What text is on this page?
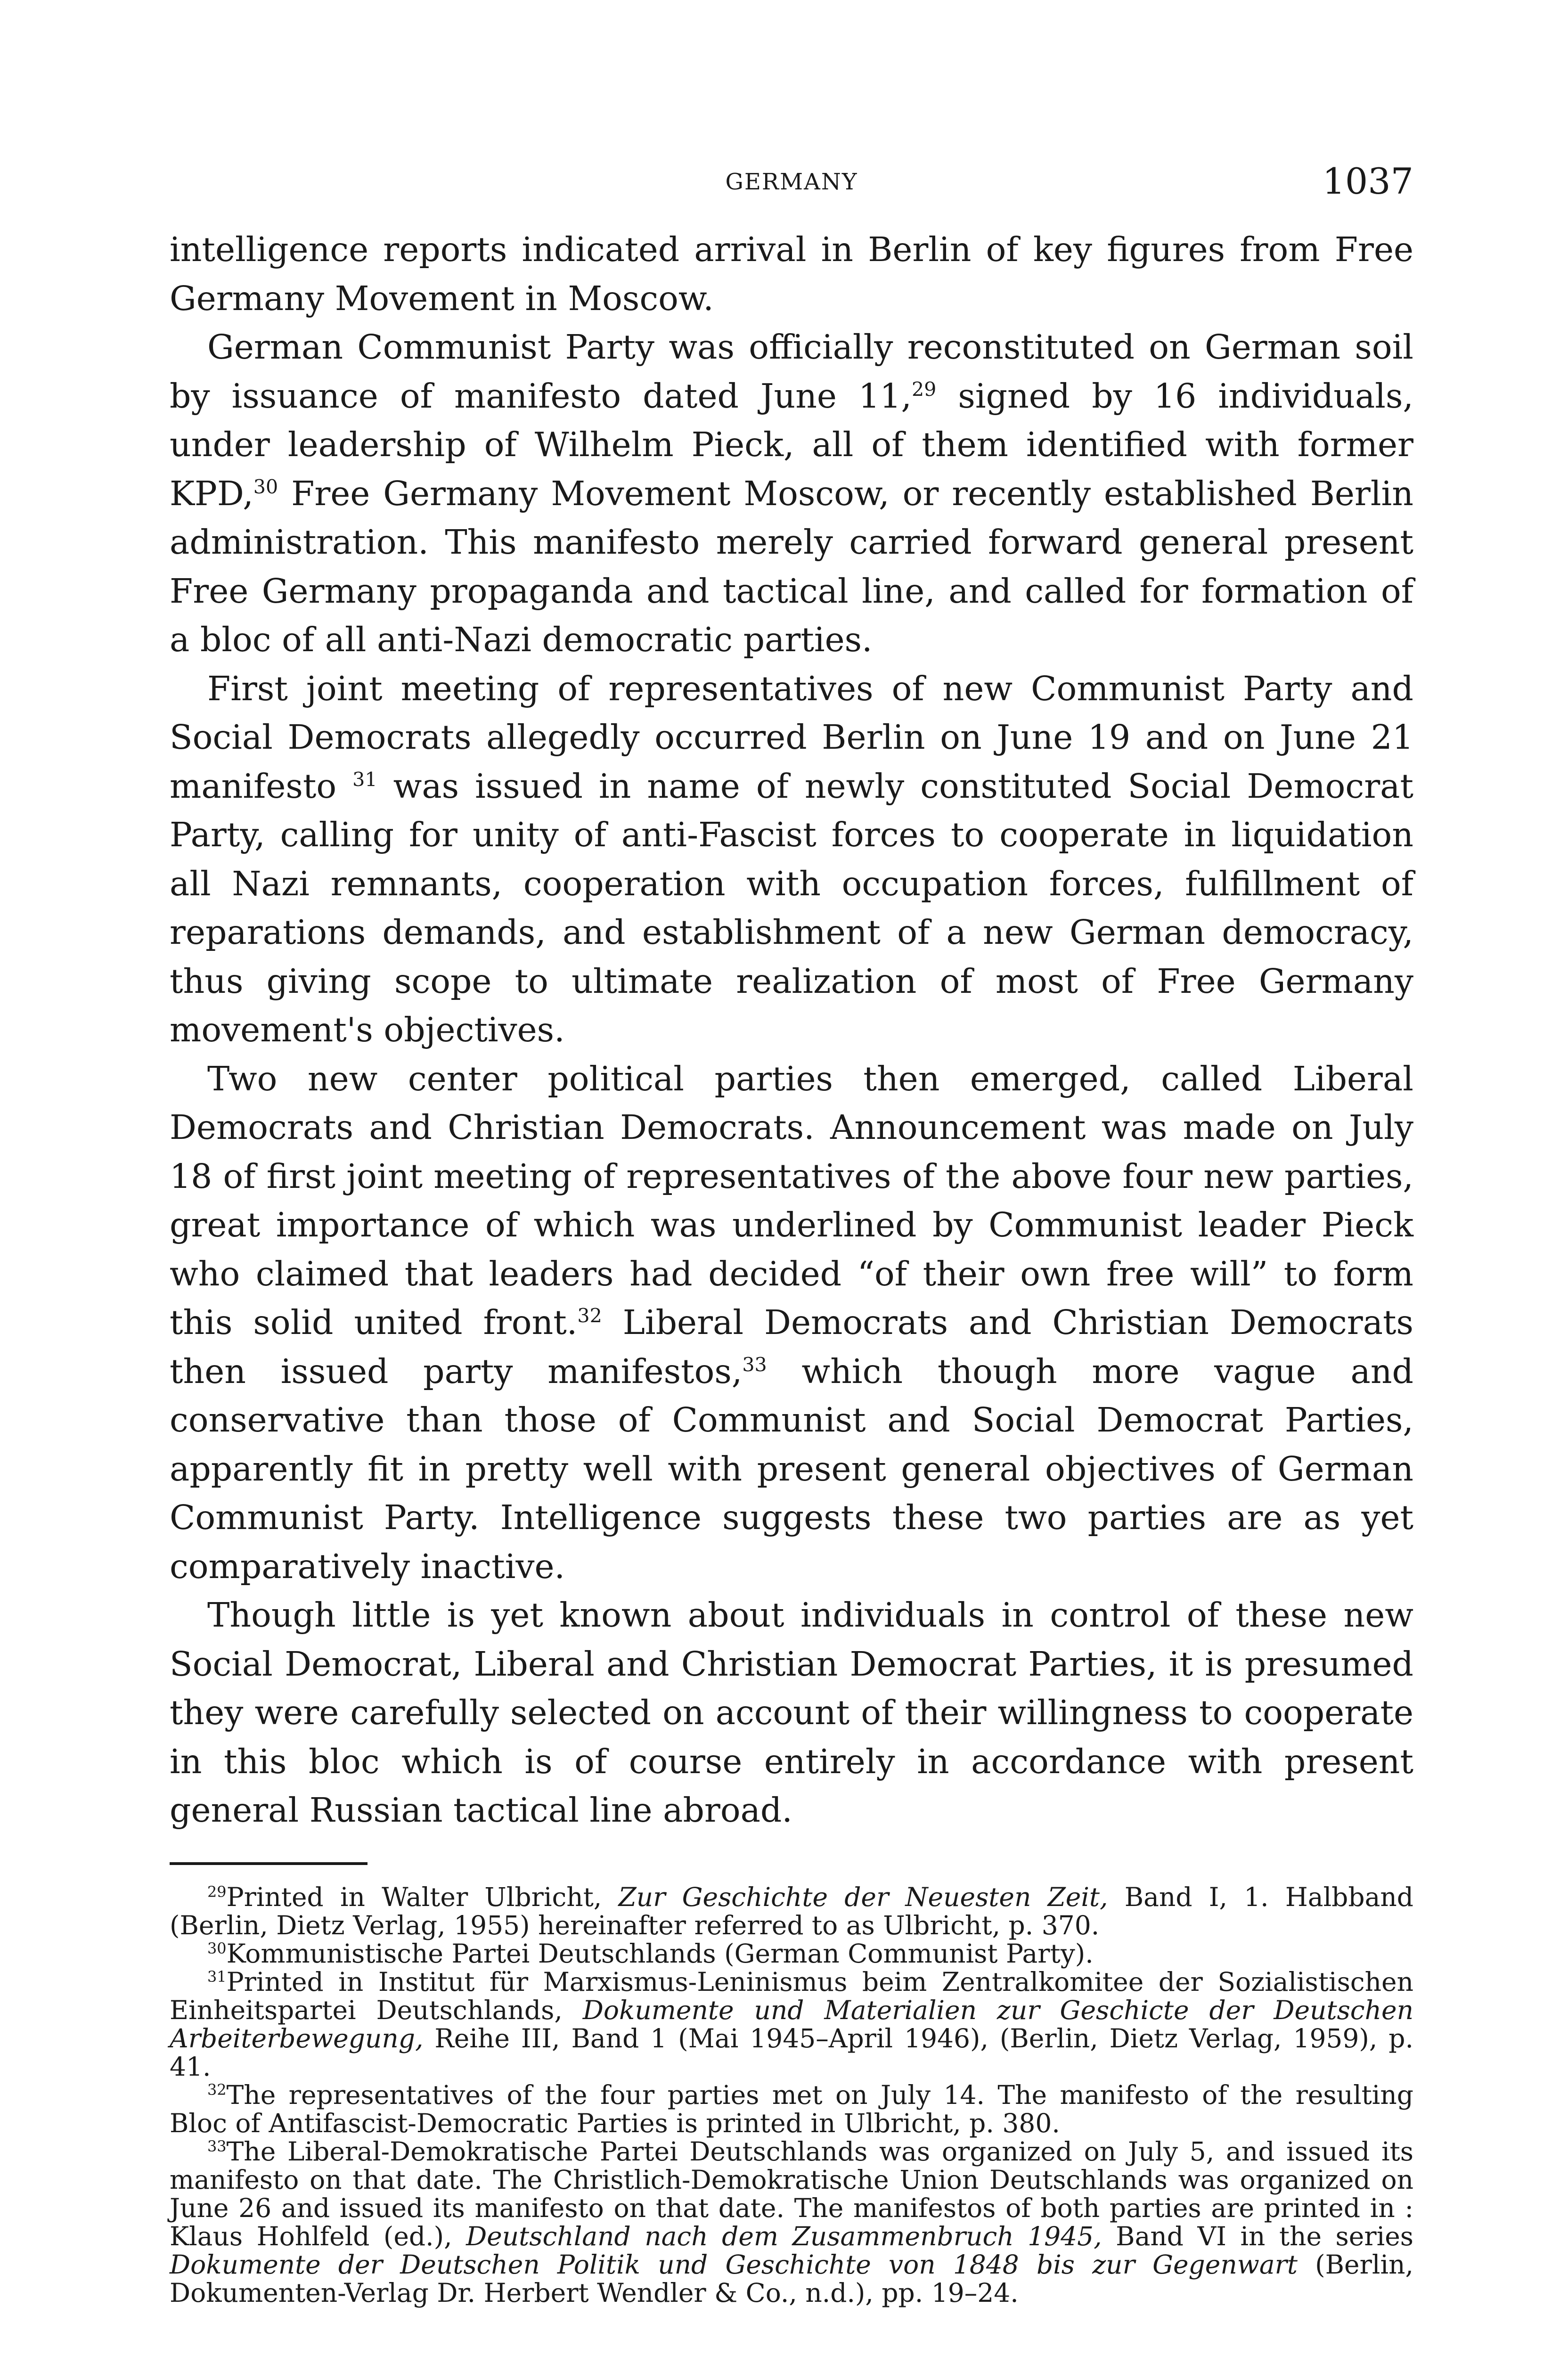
GERMANY	1037

intelligence reports indicated arrival in Berlin of key figures from Free Germany Movement in Moscow.

German Communist Party was officially reconstituted on German soil by issuance of manifesto dated June 11,29 signed by 16 individuals, under leadership of Wilhelm Pieck, all of them identified with former KPD,$^{30}$ Free Germany Movement Moscow, or recently established Berlin administration. This manifesto merely carried forward general present Free Germany propaganda and tactical line, and called for formation of a bloc of all anti-Nazi democratic parties.

First joint meeting of representatives of new Communist Party and Social Democrats allegedly occurred Berlin on June 19 and on June 21 manifesto $^{31}$ was issued in name of newly constituted Social Democrat Party, calling for unity of anti-Fascist forces to cooperate in liquidation all Nazi remnants, cooperation with occupation forces, fulfillment of reparations demands, and establishment of a new German democracy, thus giving scope to ultimate realization of most of Free Germany movement's objectives.

Two new center political parties then emerged, called Liberal Democrats and Christian Democrats. Announcement was made on July 18 of first joint meeting of representatives of the above four new parties, great importance of which was underlined by Communist leader Pieck who claimed that leaders had decided “of their own free will” to form this solid united front.$^{32}$ Liberal Democrats and Christian Democrats then issued party manifestos,$^{33}$ which though more vague and conservative than those of Communist and Social Democrat Parties, apparently fit in pretty well with present general objectives of German Communist Party. Intelligence suggests these two parties are as yet comparatively inactive.

Though little is yet known about individuals in control of these new Social Democrat, Liberal and Christian Democrat Parties, it is presumed they were carefully selected on account of their willingness to cooperate in this bloc which is of course entirely in accordance with present general Russian tactical line abroad.

$^{29}$Printed in Walter Ulbricht, Zur Geschichte der Neuesten Zeit, Band I, 1. Halbband (Berlin, Dietz Verlag, 1955) hereinafter referred to as Ulbricht, p. 370.

$^{30}$Kommunistische Partei Deutschlands (German Communist Party).

$^{31}$Printed in Institut für Marxismus-Leninismus beim Zentralkomitee der Sozialistischen Einheitspartei Deutschlands, Dokumente und Materialien zur Geschicte der Deutschen Arbeiterbewegung, Reihe III, Band 1 (Mai 1945–April 1946), (Berlin, Dietz Verlag, 1959), p. 41.

$^{32}$The representatives of the four parties met on July 14. The manifesto of the resulting Bloc of Antifascist-Democratic Parties is printed in Ulbricht, p. 380.

$^{33}$The Liberal-Demokratische Partei Deutschlands was organized on July 5, and issued its manifesto on that date. The Christlich-Demokratische Union Deutschlands was organized on June 26 and issued its manifesto on that date. The manifestos of both parties are printed in : Klaus Hohlfeld (ed.), Deutschland nach dem Zusammenbruch 1945, Band VI in the series Dokumente der Deutschen Politik und Geschichte von 1848 bis zur Gegenwart (Berlin, Dokumenten-Verlag Dr. Herbert Wendler & Co., n.d.), pp. 19–24.
